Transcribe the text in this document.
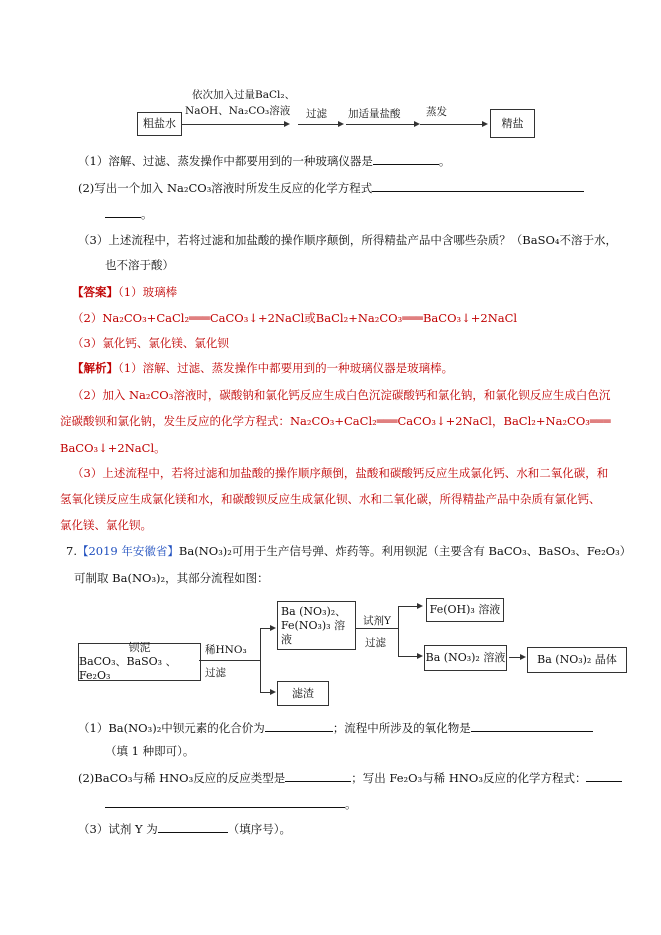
粗盐水
依次加入过量BaCl₂、
NaOH、Na₂CO₃溶液 过滤 加适量盐酸 蒸发
精盐
（1）溶解、过滤、蒸发操作中都要用到的一种玻璃仪器是	。
(2)写出一个加入 Na₂CO₃溶液时所发生反应的化学方程式
。
（3）上述流程中，若将过滤和加盐酸的操作顺序颠倒，所得精盐产品中含哪些杂质？（BaSO₄不溶于水，
也不溶于酸）
【答案】（1）玻璃棒
（2）Na₂CO₃+CaCl₂═══CaCO₃↓+2NaCl或BaCl₂+Na₂CO₃═══BaCO₃↓+2NaCl
（3）氯化钙、氯化镁、氯化钡
【解析】（1）溶解、过滤、蒸发操作中都要用到的一种玻璃仪器是玻璃棒。
（2）加入 Na₂CO₃溶液时，碳酸钠和氯化钙反应生成白色沉淀碳酸钙和氯化钠，和氯化钡反应生成白色沉
淀碳酸钡和氯化钠，发生反应的化学方程式：Na₂CO₃+CaCl₂═══CaCO₃↓+2NaCl，BaCl₂+Na₂CO₃═══
BaCO₃↓+2NaCl。
（3）上述流程中，若将过滤和加盐酸的操作顺序颠倒，盐酸和碳酸钙反应生成氯化钙、水和二氧化碳，和
氢氧化镁反应生成氯化镁和水，和碳酸钡反应生成氯化钡、水和二氧化碳，所得精盐产品中杂质有氯化钙、
氯化镁、氯化钡。
7.【2019 年安徽省】Ba(NO₃)₂可用于生产信号弹、炸药等。利用钡泥（主要含有 BaCO₃、BaSO₃、Fe₂O₃）
可制取 Ba(NO₃)₂，其部分流程如图：
钡泥
BaCO₃、BaSO₃ 、Fe₂O₃
稀HNO₃
过滤
Ba (NO₃)₂、
Fe(NO₃)₃ 溶液
滤渣
试剂Y
过滤
Fe(OH)₃ 溶液
Ba (NO₃)₂ 溶液	Ba (NO₃)₂ 晶体
（1）Ba(NO₃)₂中钡元素的化合价为	；流程中所涉及的氧化物是
（填 1 种即可）。
(2)BaCO₃与稀 HNO₃反应的反应类型是	；写出 Fe₂O₃与稀 HNO₃反应的化学方程式：
。
（3）试剂 Y 为	（填序号）。
